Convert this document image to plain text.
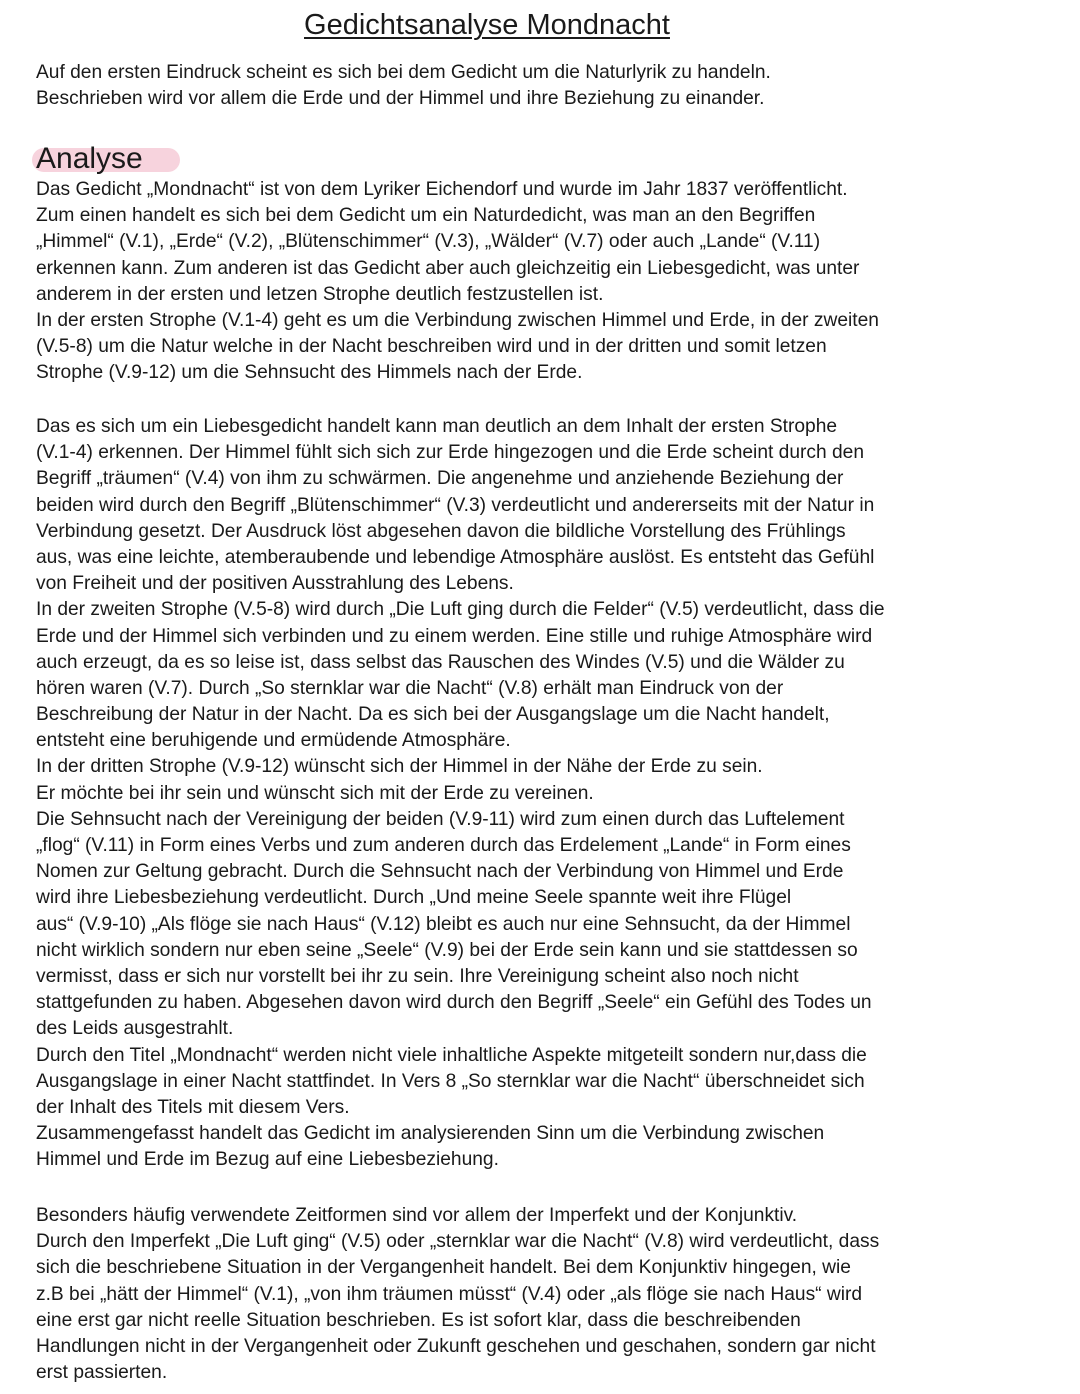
Gedichtsanalyse Mondnacht
Auf den ersten Eindruck scheint es sich bei dem Gedicht um die Naturlyrik zu handeln.
Beschrieben wird vor allem die Erde und der Himmel und ihre Beziehung zu einander.
Analyse
Das Gedicht „Mondnacht“ ist von dem Lyriker Eichendorf und wurde im Jahr 1837 veröffentlicht.
Zum einen handelt es sich bei dem Gedicht um ein Naturdedicht, was man an den Begriffen
„Himmel“ (V.1), „Erde“ (V.2), „Blütenschimmer“ (V.3), „Wälder“ (V.7) oder auch „Lande“ (V.11)
erkennen kann. Zum anderen ist das Gedicht aber auch gleichzeitig ein Liebesgedicht, was unter
anderem in der ersten und letzen Strophe deutlich festzustellen ist.
In der ersten Strophe (V.1-4) geht es um die Verbindung zwischen Himmel und Erde, in der zweiten
(V.5-8) um die Natur welche in der Nacht beschreiben wird und in der dritten und somit letzen
Strophe (V.9-12) um die Sehnsucht des Himmels nach der Erde.
Das es sich um ein Liebesgedicht handelt kann man deutlich an dem Inhalt der ersten Strophe
(V.1-4) erkennen. Der Himmel fühlt sich sich zur Erde hingezogen und die Erde scheint durch den
Begriff „träumen“ (V.4) von ihm zu schwärmen. Die angenehme und anziehende Beziehung der
beiden wird durch den Begriff „Blütenschimmer“ (V.3) verdeutlicht und andererseits mit der Natur in
Verbindung gesetzt. Der Ausdruck löst abgesehen davon die bildliche Vorstellung des Frühlings
aus, was eine leichte, atemberaubende und lebendige Atmosphäre auslöst. Es entsteht das Gefühl
von Freiheit und der positiven Ausstrahlung des Lebens.
In der zweiten Strophe (V.5-8) wird durch „Die Luft ging durch die Felder“ (V.5) verdeutlicht, dass die
Erde und der Himmel sich verbinden und zu einem werden. Eine stille und ruhige Atmosphäre wird
auch erzeugt, da es so leise ist, dass selbst das Rauschen des Windes (V.5) und die Wälder zu
hören waren (V.7). Durch „So sternklar war die Nacht“ (V.8) erhält man Eindruck von der
Beschreibung der Natur in der Nacht. Da es sich bei der Ausgangslage um die Nacht handelt,
entsteht eine beruhigende und ermüdende Atmosphäre.
In der dritten Strophe (V.9-12) wünscht sich der Himmel in der Nähe der Erde zu sein.
Er möchte bei ihr sein und wünscht sich mit der Erde zu vereinen.
Die Sehnsucht nach der Vereinigung der beiden (V.9-11) wird zum einen durch das Luftelement
„flog“ (V.11) in Form eines Verbs und zum anderen durch das Erdelement „Lande“ in Form eines
Nomen zur Geltung gebracht. Durch die Sehnsucht nach der Verbindung von Himmel und Erde
wird ihre Liebesbeziehung verdeutlicht. Durch „Und meine Seele spannte weit ihre Flügel
aus“ (V.9-10) „Als flöge sie nach Haus“ (V.12) bleibt es auch nur eine Sehnsucht, da der Himmel
nicht wirklich sondern nur eben seine „Seele“ (V.9) bei der Erde sein kann und sie stattdessen so
vermisst, dass er sich nur vorstellt bei ihr zu sein. Ihre Vereinigung scheint also noch nicht
stattgefunden zu haben. Abgesehen davon wird durch den Begriff „Seele“ ein Gefühl des Todes un
des Leids ausgestrahlt.
Durch den Titel „Mondnacht“ werden nicht viele inhaltliche Aspekte mitgeteilt sondern nur,dass die
Ausgangslage in einer Nacht stattfindet. In Vers 8 „So sternklar war die Nacht“ überschneidet sich
der Inhalt des Titels mit diesem Vers.
Zusammengefasst handelt das Gedicht im analysierenden Sinn um die Verbindung zwischen
Himmel und Erde im Bezug auf eine Liebesbeziehung.
Besonders häufig verwendete Zeitformen sind vor allem der Imperfekt und der Konjunktiv.
Durch den Imperfekt „Die Luft ging“ (V.5) oder „sternklar war die Nacht“ (V.8) wird verdeutlicht, dass
sich die beschriebene Situation in der Vergangenheit handelt. Bei dem Konjunktiv hingegen, wie
z.B bei „hätt der Himmel“ (V.1), „von ihm träumen müsst“ (V.4) oder „als flöge sie nach Haus“ wird
eine erst gar nicht reelle Situation beschrieben. Es ist sofort klar, dass die beschreibenden
Handlungen nicht in der Vergangenheit oder Zukunft geschehen und geschahen, sondern gar nicht
erst passierten.
